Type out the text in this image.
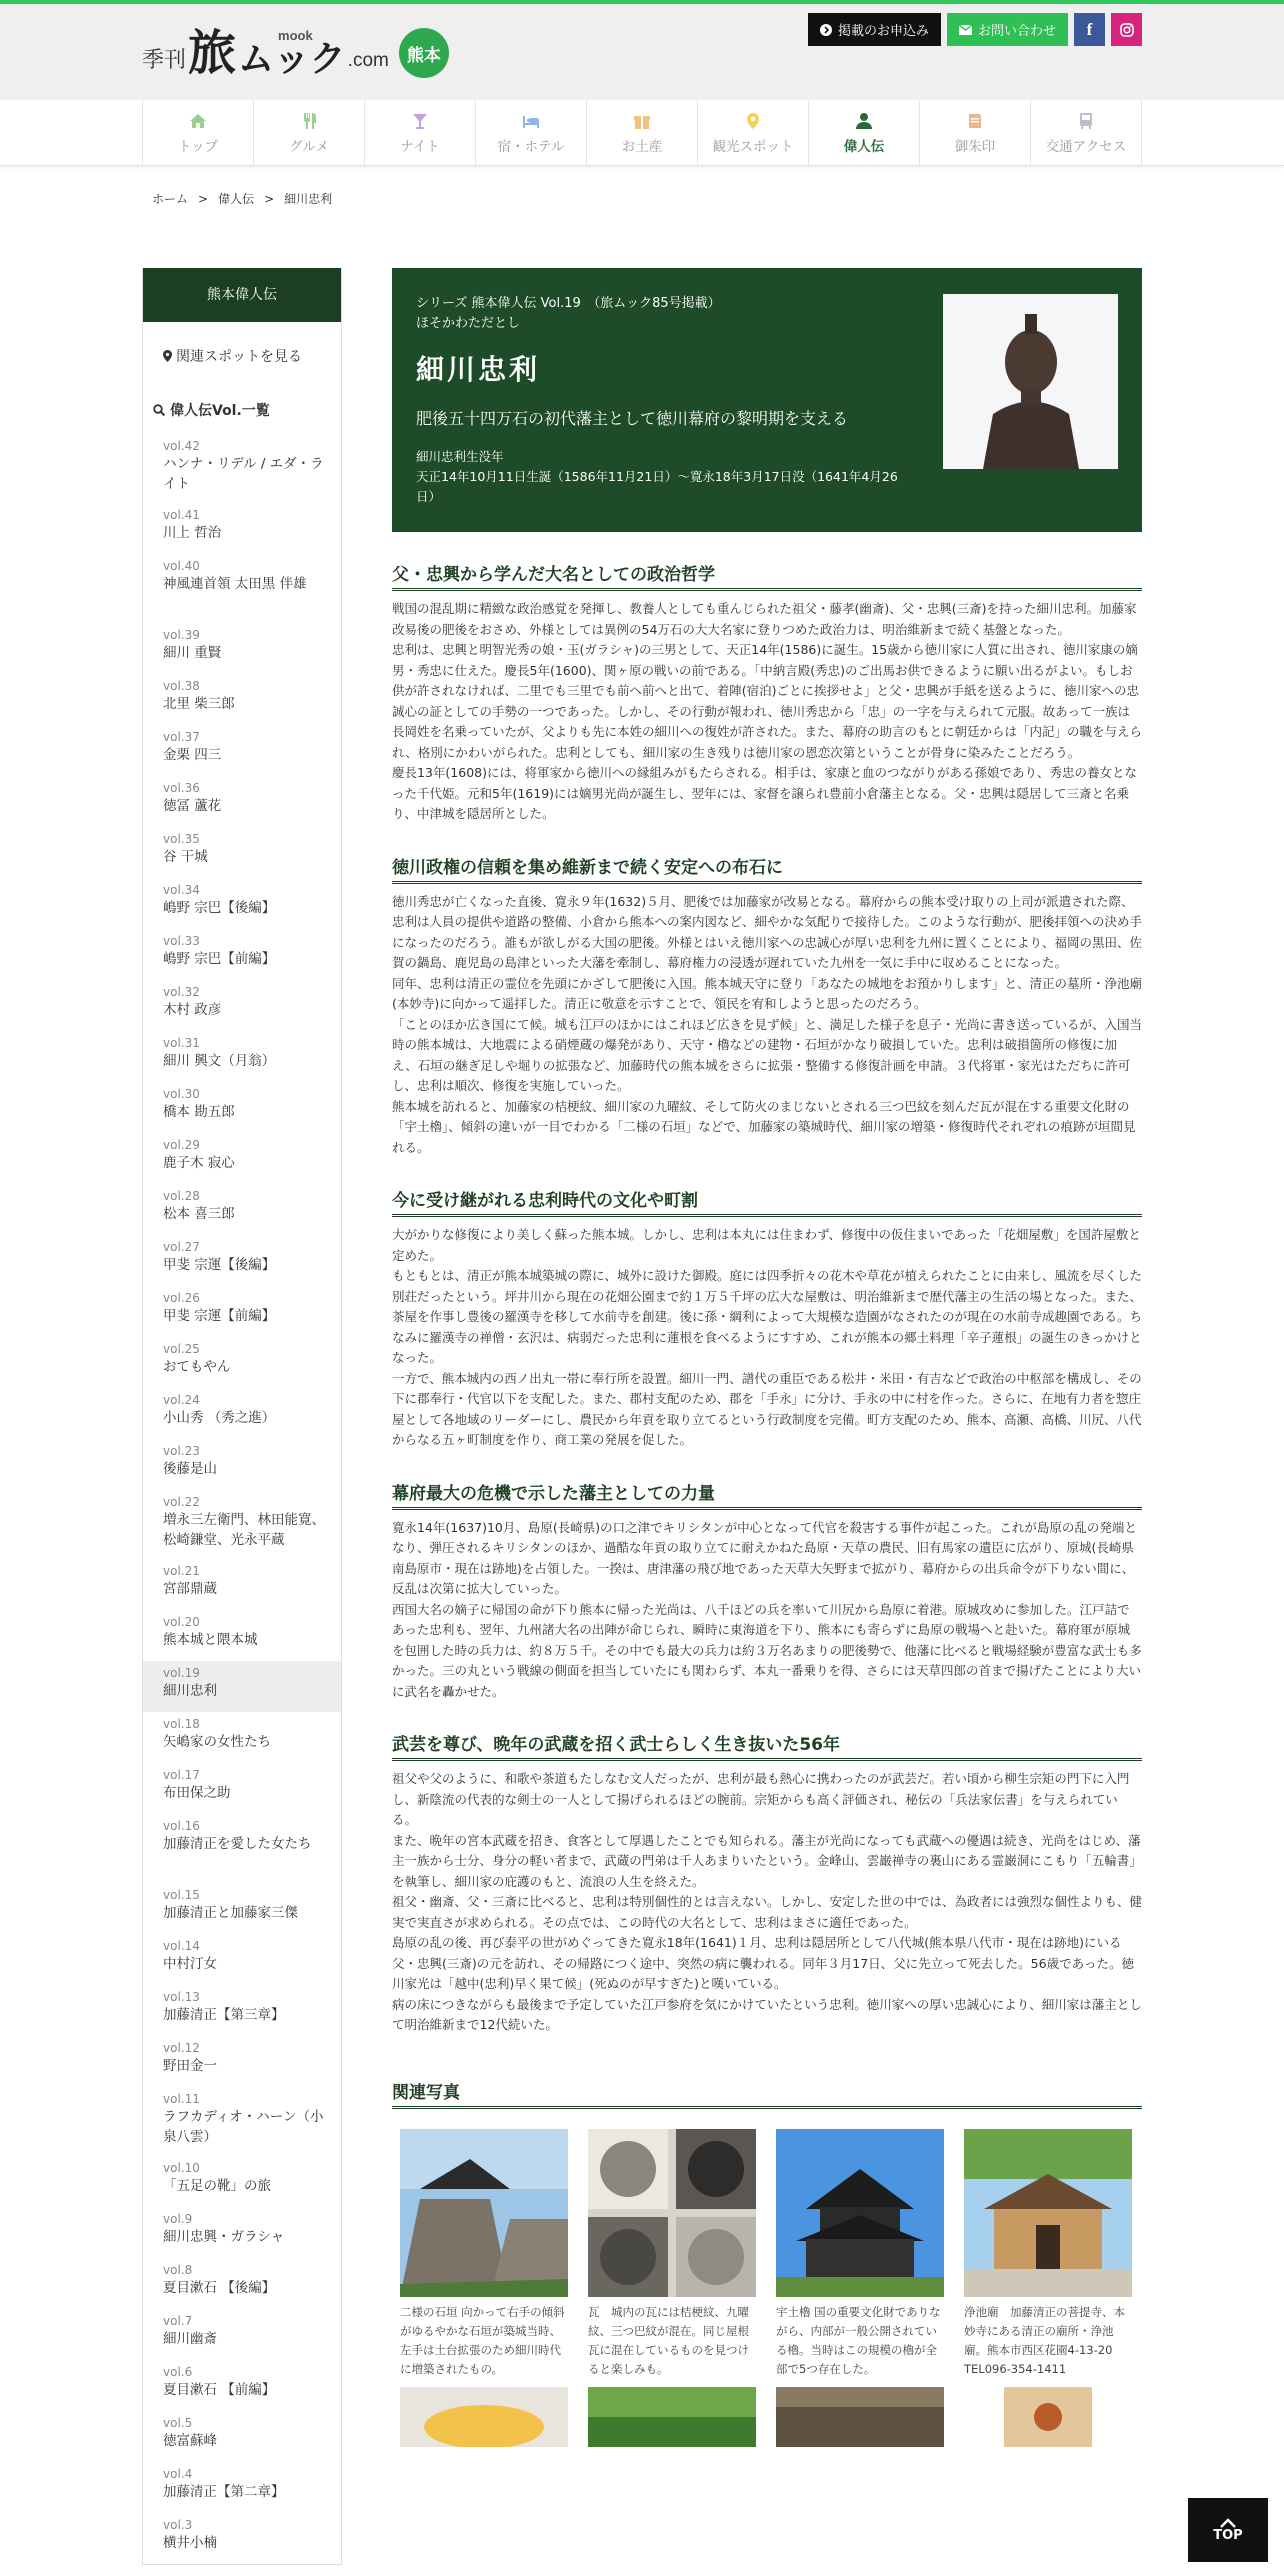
季刊 旅	mook
ムック .com	熊本
掲載のお申込み	お問い合わせ f
トップ	グルメ	ナイト	宿・ホテル	お土産	観光スポット	偉人伝	御朱印	交通アクセス
ホーム > 偉人伝 > 細川忠利
熊本偉人伝
関連スポットを見る
偉人伝Vol.一覧
vol.42
ハンナ・リデル / エダ・ライト
vol.41
川上 哲治
vol.40
神風連首領 太田黒 伴雄
vol.39
細川 重賢
vol.38
北里 柴三郎
vol.37
金栗 四三
vol.36
徳冨 蘆花
vol.35
谷 干城
vol.34
嶋野 宗巴【後編】
vol.33
嶋野 宗巴【前編】
vol.32
木村 政彦
vol.31
細川 興文（月翁）
vol.30
橋本 勘五郎
vol.29
鹿子木 寂心
vol.28
松本 喜三郎
vol.27
甲斐 宗運【後編】
vol.26
甲斐 宗運【前編】
vol.25
おてもやん
vol.24
小山秀 （秀之進）
vol.23
後藤是山
vol.22
増永三左衛門、林田能寛、松崎鎌堂、光永平蔵
vol.21
宮部鼎蔵
vol.20
熊本城と隈本城
vol.19
細川忠利
vol.18
矢嶋家の女性たち
vol.17
布田保之助
vol.16
加藤清正を愛した女たち
vol.15
加藤清正と加藤家三傑
vol.14
中村汀女
vol.13
加藤清正【第三章】
vol.12
野田金一
vol.11
ラフカディオ・ハーン（小泉八雲）
vol.10
「五足の靴」の旅
vol.9
細川忠興・ガラシャ
vol.8
夏目漱石 【後編】
vol.7
細川幽斎
vol.6
夏目漱石 【前編】
vol.5
徳富蘇峰
vol.4
加藤清正【第二章】
vol.3
横井小楠
シリーズ 熊本偉人伝 Vol.19　（旅ムック85号掲載）
ほそかわただとし
細川忠利
肥後五十四万石の初代藩主として徳川幕府の黎明期を支える
細川忠利生没年
天正14年10月11日生誕（1586年11月21日）〜寛永18年3月17日没（1641年4月26日）
父・忠興から学んだ大名としての政治哲学

戦国の混乱期に精緻な政治感覚を発揮し、教養人としても重んじられた祖父・藤孝(幽斎)、父・忠興(三斎)を持った細川忠利。加藤家改易後の肥後をおさめ、外様としては異例の54万石の大大名家に登りつめた政治力は、明治維新まで続く基盤となった。

忠利は、忠興と明智光秀の娘・玉(ガラシャ)の三男として、天正14年(1586)に誕生。15歳から徳川家に人質に出され、徳川家康の嫡男・秀忠に仕えた。慶長5年(1600)、関ヶ原の戦いの前である。「中納言殿(秀忠)のご出馬お供できるように願い出るがよい。もしお供が許されなければ、二里でも三里でも前へ前へと出て、着陣(宿泊)ごとに挨拶せよ」と父・忠興が手紙を送るように、徳川家への忠誠心の証としての手勢の一つであった。しかし、その行動が報われ、徳川秀忠から「忠」の一字を与えられて元服。故あって一族は長岡姓を名乗っていたが、父よりも先に本姓の細川への復姓が許された。また、幕府の助言のもとに朝廷からは「内記」の職を与えられ、格別にかわいがられた。忠利としても、細川家の生き残りは徳川家の恩恋次第ということが骨身に染みたことだろう。

慶長13年(1608)には、将軍家から徳川への縁組みがもたらされる。相手は、家康と血のつながりがある孫娘であり、秀忠の養女となった千代姫。元和5年(1619)には嫡男光尚が誕生し、翌年には、家督を譲られ豊前小倉藩主となる。父・忠興は隠居して三斎と名乗り、中津城を隠居所とした。

徳川政権の信頼を集め維新まで続く安定への布石に

徳川秀忠が亡くなった直後、寛永９年(1632)５月、肥後では加藤家が改易となる。幕府からの熊本受け取りの上司が派遣された際、忠利は人員の提供や道路の整備、小倉から熊本への案内図など、細やかな気配りで接待した。このような行動が、肥後拝領への決め手になったのだろう。誰もが欲しがる大国の肥後。外様とはいえ徳川家への忠誠心が厚い忠利を九州に置くことにより、福岡の黒田、佐賀の鍋島、鹿児島の島津といった大藩を牽制し、幕府権力の浸透が遅れていた九州を一気に手中に収めることになった。

同年、忠利は清正の霊位を先頭にかざして肥後に入国。熊本城天守に登り「あなたの城地をお預かりします」と、清正の墓所・浄池廟(本妙寺)に向かって遥拝した。清正に敬意を示すことで、領民を宥和しようと思ったのだろう。

「ことのほか広き国にて候。城も江戸のほかにはこれほど広きを見ず候」と、満足した様子を息子・光尚に書き送っているが、入国当時の熊本城は、大地震による硝煙蔵の爆発があり、天守・櫓などの建物・石垣がかなり破損していた。忠利は破損箇所の修復に加え、石垣の継ぎ足しや堀りの拡張など、加藤時代の熊本城をさらに拡張・整備する修復計画を申請。３代将軍・家光はただちに許可し、忠利は順次、修復を実施していった。

熊本城を訪れると、加藤家の桔梗紋、細川家の九曜紋、そして防火のまじないとされる三つ巴紋を刻んだ瓦が混在する重要文化財の「宇土櫓」、傾斜の違いが一目でわかる「二様の石垣」などで、加藤家の築城時代、細川家の増築・修復時代それぞれの痕跡が垣間見れる。

今に受け継がれる忠利時代の文化や町割

大がかりな修復により美しく蘇った熊本城。しかし、忠利は本丸には住まわず、修復中の仮住まいであった「花畑屋敷」を国許屋敷と定めた。

もともとは、清正が熊本城築城の際に、城外に設けた御殿。庭には四季折々の花木や草花が植えられたことに由来し、風流を尽くした別荘だったという。坪井川から現在の花畑公園まで約１万５千坪の広大な屋敷は、明治維新まで歴代藩主の生活の場となった。また、茶屋を作事し豊後の羅漢寺を移して水前寺を創建。後に孫・綱利によって大規模な造園がなされたのが現在の水前寺成趣園である。ちなみに羅漢寺の禅僧・玄沢は、病弱だった忠利に蓮根を食べるようにすすめ、これが熊本の郷土料理「辛子蓮根」の誕生のきっかけとなった。

一方で、熊本城内の西ノ出丸一帯に奉行所を設置。細川一門、譜代の重臣である松井・米田・有吉などで政治の中枢部を構成し、その下に郡奉行・代官以下を支配した。また、郡村支配のため、郡を「手永」に分け、手永の中に村を作った。さらに、在地有力者を惣庄屋として各地域のリーダーにし、農民から年貢を取り立てるという行政制度を完備。町方支配のため、熊本、高瀬、高橋、川尻、八代からなる五ヶ町制度を作り、商工業の発展を促した。

幕府最大の危機で示した藩主としての力量

寛永14年(1637)10月、島原(長崎県)の口之津でキリシタンが中心となって代官を殺害する事件が起こった。これが島原の乱の発端となり、弾圧されるキリシタンのほか、過酷な年貢の取り立てに耐えかねた島原・天草の農民、旧有馬家の遺臣に広がり、原城(長崎県南島原市・現在は跡地)を占領した。一揆は、唐津藩の飛び地であった天草大矢野まで拡がり、幕府からの出兵命令が下りない間に、反乱は次第に拡大していった。

西国大名の嫡子に帰国の命が下り熊本に帰った光尚は、八千ほどの兵を率いて川尻から島原に着港。原城攻めに参加した。江戸詰であった忠利も、翌年、九州諸大名の出陣が命じられ、瞬時に東海道を下り、熊本にも寄らずに島原の戦場へと赴いた。幕府軍が原城を包囲した時の兵力は、約８万５千。その中でも最大の兵力は約３万名あまりの肥後勢で、他藩に比べると戦場経験が豊富な武士も多かった。三の丸という戦線の側面を担当していたにも関わらず、本丸一番乗りを得、さらには天草四郎の首まで揚げたことにより大いに武名を轟かせた。

武芸を尊び、晩年の武蔵を招く武士らしく生き抜いた56年

祖父や父のように、和歌や茶道もたしなむ文人だったが、忠利が最も熱心に携わったのが武芸だ。若い頃から柳生宗矩の門下に入門し、新陰流の代表的な剣士の一人として揚げられるほどの腕前。宗矩からも高く評価され、秘伝の「兵法家伝書」を与えられている。

また、晩年の宮本武蔵を招き、食客として厚遇したことでも知られる。藩主が光尚になっても武蔵への優遇は続き、光尚をはじめ、藩主一族から士分、身分の軽い者まで、武蔵の門弟は千人あまりいたという。金峰山、雲巌禅寺の裏山にある霊巌洞にこもり「五輪書」を執筆し、細川家の庇護のもと、流浪の人生を終えた。

祖父・幽斎、父・三斎に比べると、忠利は特別個性的とは言えない。しかし、安定した世の中では、為政者には強烈な個性よりも、健実で実直さが求められる。その点では、この時代の大名として、忠利はまさに適任であった。

島原の乱の後、再び泰平の世がめぐってきた寛永18年(1641)１月、忠利は隠居所として八代城(熊本県八代市・現在は跡地)にいる父・忠興(三斎)の元を訪れ、その帰路につく途中、突然の病に襲われる。同年３月17日、父に先立って死去した。56歳であった。徳川家光は「越中(忠利)早く果て候」(死ぬのが早すぎた)と嘆いている。

病の床につきながらも最後まで予定していた江戸参府を気にかけていたという忠利。徳川家への厚い忠誠心により、細川家は藩主として明治維新まで12代続いた。

関連写真
二様の石垣 向かって右手の傾斜がゆるやかな石垣が築城当時、左手は土台拡張のため細川時代に増築されたもの。
瓦　城内の瓦には桔梗紋、九曜紋、三つ巴紋が混在。同じ屋根瓦に混在しているものを見つけると楽しみも。
宇土櫓 国の重要文化財でありながら、内部が一般公開されている櫓。当時はこの規模の櫓が全部で5つ存在した。
浄池廟　加藤清正の菩提寺、本妙寺にある清正の廟所・浄池廟。熊本市西区花園4-13-20 TEL096-354-1411
TOP
